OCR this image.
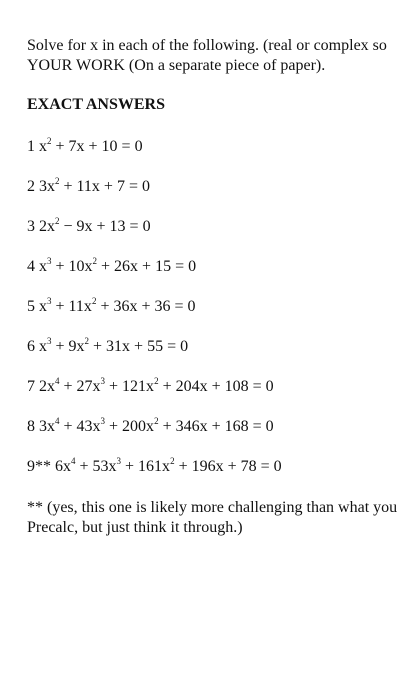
Solve for x in each of the following. (real or complex so
YOUR WORK (On a separate piece of paper).
EXACT ANSWERS
1 $x^2 + 7x + 10 = 0$
2 $3x^2 + 11x + 7 = 0$
3 $2x^2 - 9x + 13 = 0$
4 $x^3 + 10x^2 + 26x + 15 = 0$
5 $x^3 + 11x^2 + 36x + 36 = 0$
6 $x^3 + 9x^2 + 31x + 55 = 0$
7 $2x^4 + 27x^3 + 121x^2 + 204x + 108 = 0$
8 $3x^4 + 43x^3 + 200x^2 + 346x + 168 = 0$
9** $6x^4 + 53x^3 + 161x^2 + 196x + 78 = 0$
** (yes, this one is likely more challenging than what you
Precalc, but just think it through.)
